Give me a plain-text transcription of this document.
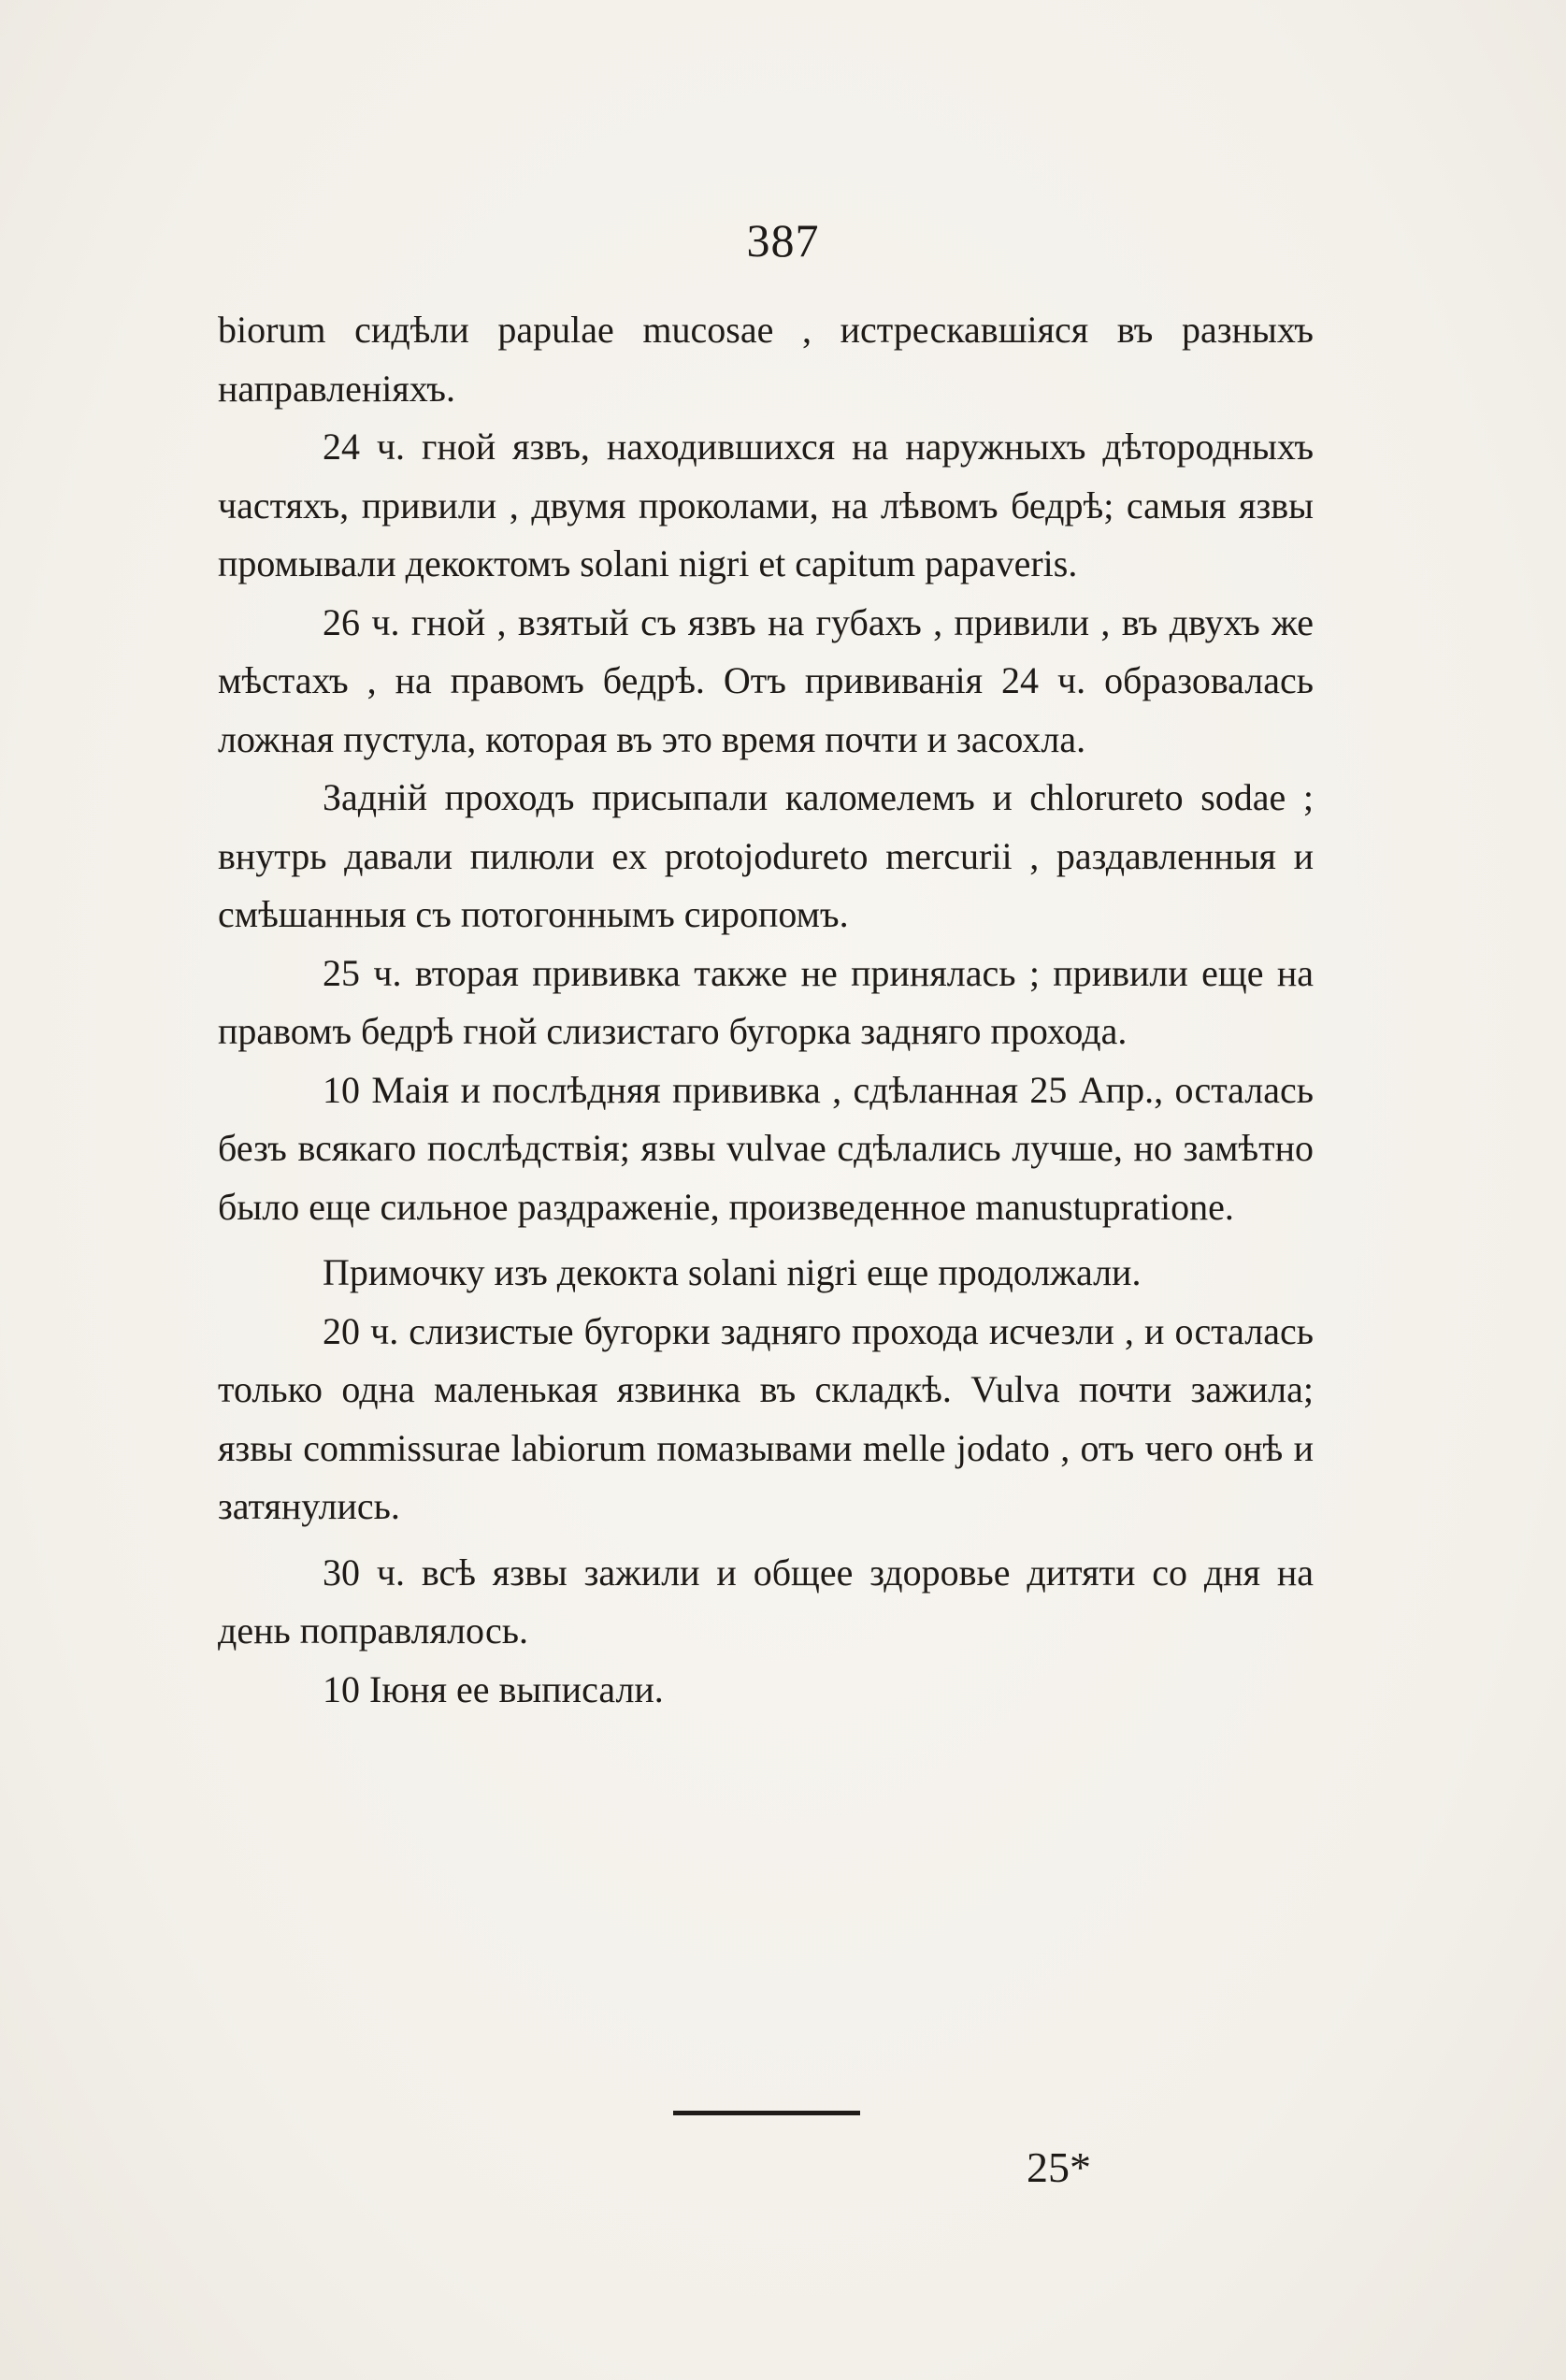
387

biorum сидѣли papulae mucosae , истрескавшіяся въ разныхъ направленіяхъ.

24 ч. гной язвъ, находившихся на наружныхъ дѣтородныхъ частяхъ, привили , двумя проколами, на лѣвомъ бедрѣ; самыя язвы промывали декоктомъ solani nigri et capitum papaveris.

26 ч. гной , взятый съ язвъ на губахъ , привили , въ двухъ же мѣстахъ , на правомъ бедрѣ. Отъ прививанія 24 ч. образовалась ложная пустула, которая въ это время почти и засохла.

Заднiй проходъ присыпали каломелемъ и chlorureto sodae ; внутрь давали пилюли ex protojodureto mercurii , раздавленныя и смѣшанныя съ потогоннымъ сиропомъ.

25 ч. вторая прививка также не принялась ; привили еще на правомъ бедрѣ гной слизистаго бугорка задняго прохода.

10 Маія и послѣдняя прививка , сдѣланная 25 Апр., осталась безъ всякаго послѣдствія; язвы vulvae сдѣлались лучше, но замѣтно было еще сильное раздраженіе, произведенное manustupratione.

Примочку изъ декокта solani nigri еще продолжали.

20 ч. слизистые бугорки задняго прохода исчезли , и осталась только одна маленькая язвинка въ складкѣ. Vulva почти зажила; язвы commissurae labiorum помазывами melle jodato , отъ чего онѣ и затянулись.

30 ч. всѣ язвы зажили и общее здоровье дитяти со дня на день поправлялось.

10 Іюня ее выписали.

25*
